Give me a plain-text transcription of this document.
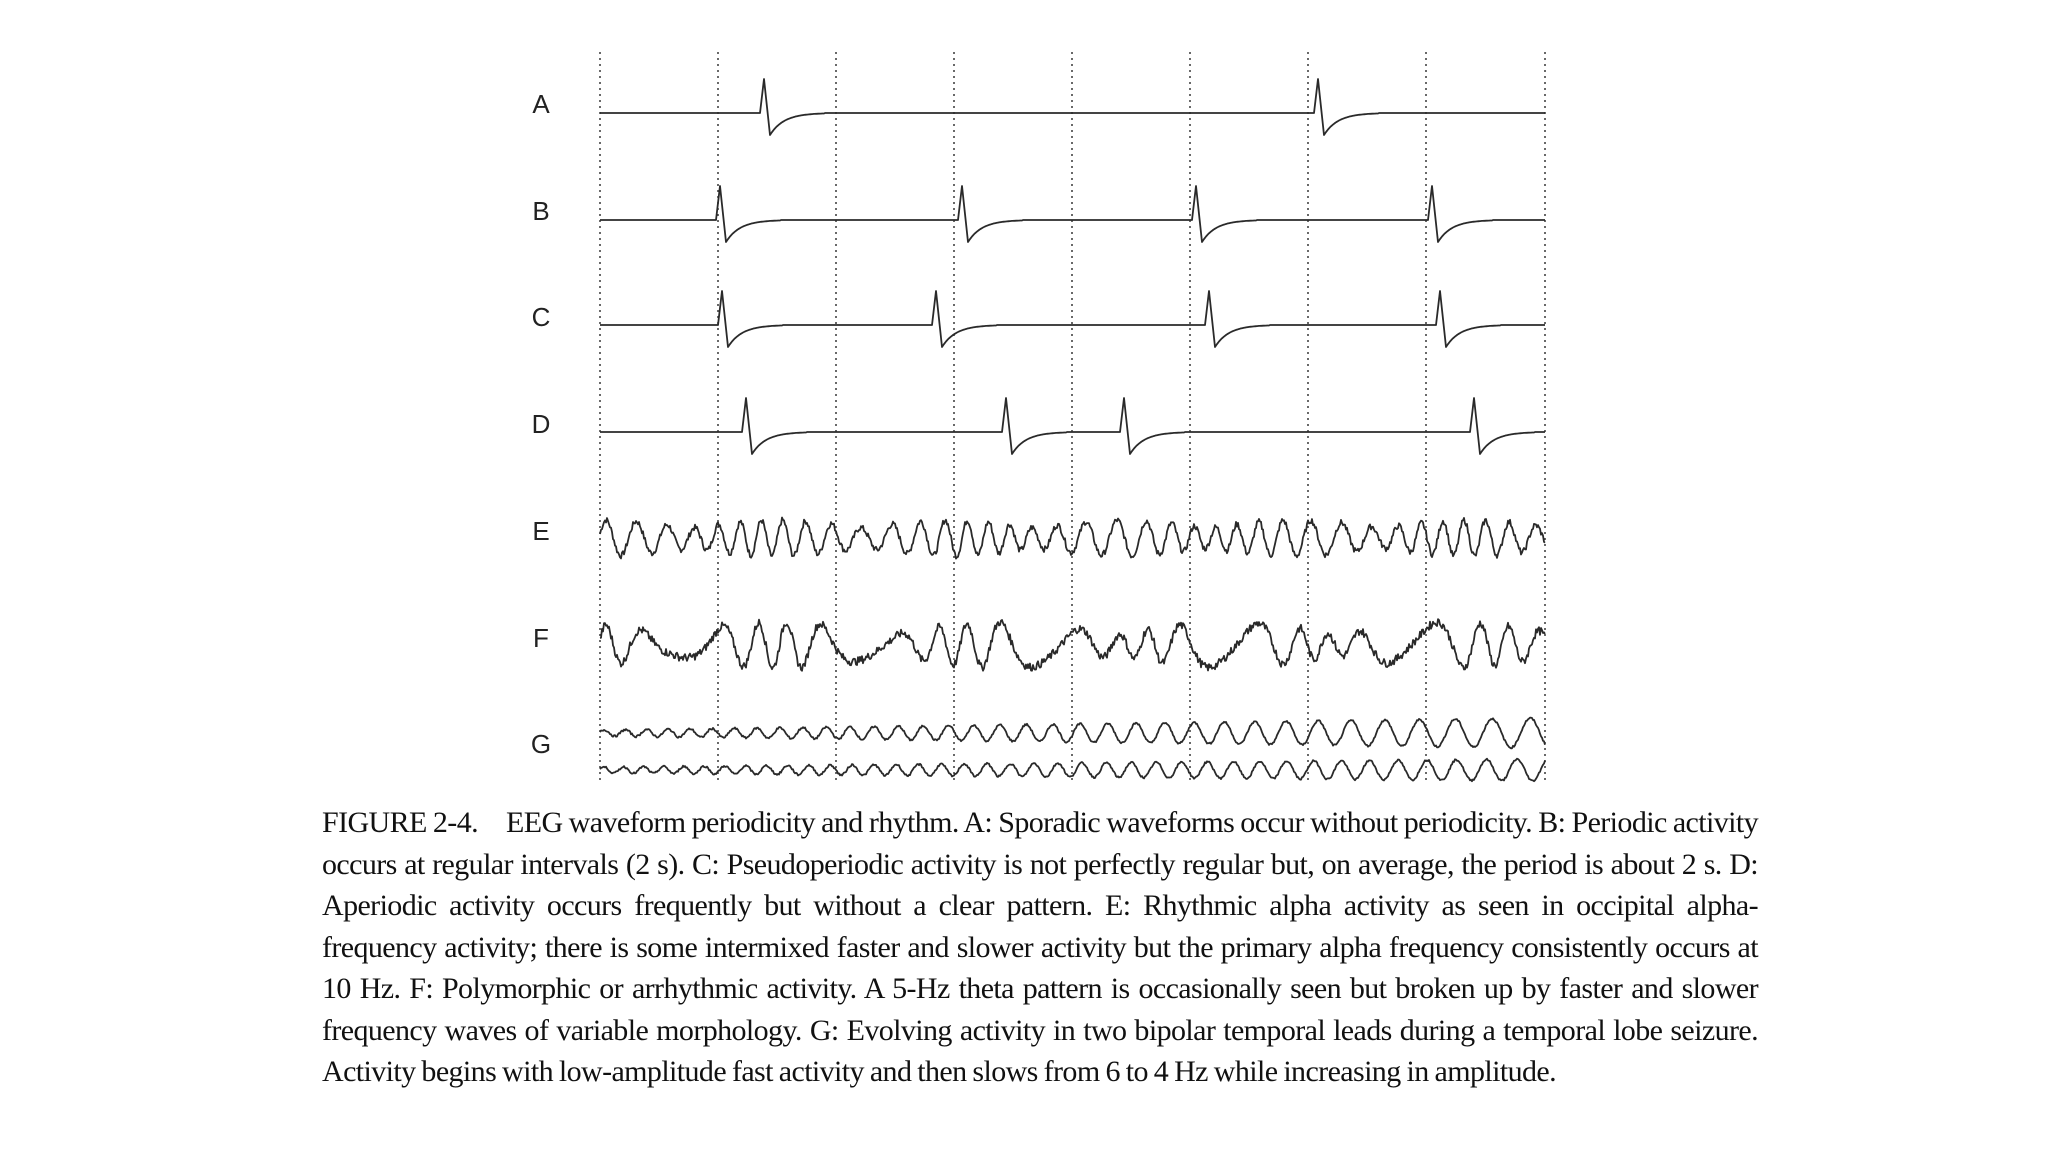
A
B
C
D
E
F
G
FIGURE 2-4. EEG waveform periodicity and rhythm. A: Sporadic waveforms occur without periodicity. B: Periodic activity occurs at regular intervals (2 s). C: Pseudoperiodic activity is not perfectly regular but, on average, the period is about 2 s. D: Aperiodic activity occurs frequently but without a clear pattern. E: Rhythmic alpha activity as seen in occipital alpha-frequency activity; there is some intermixed faster and slower activity but the primary alpha frequency consistently occurs at 10 Hz. F: Polymorphic or arrhythmic activity. A 5-Hz theta pattern is occasionally seen but broken up by faster and slower frequency waves of variable morphology. G: Evolving activity in two bipolar temporal leads during a temporal lobe seizure. Activity begins with low-amplitude fast activity and then slows from 6 to 4 Hz while increasing in amplitude.
